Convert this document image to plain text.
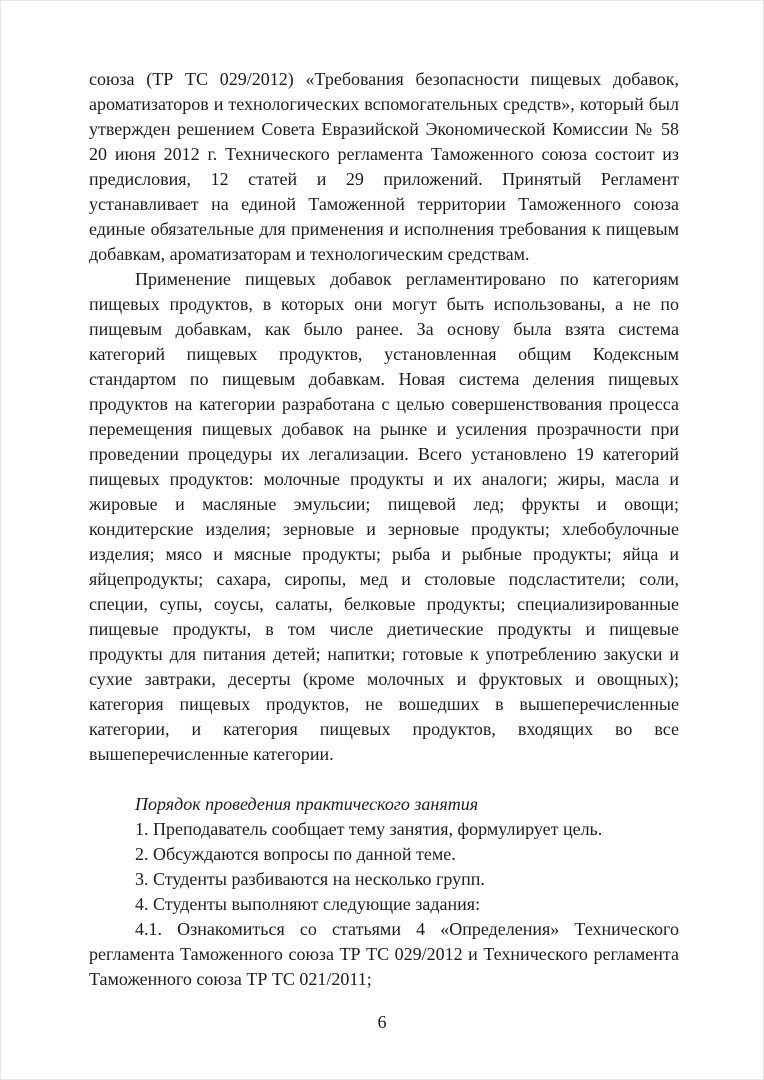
союза (ТР ТС 029/2012) «Требования безопасности пищевых добавок, ароматизаторов и технологических вспомогательных средств», который был утвержден решением Совета Евразийской Экономической Комиссии № 58 20 июня 2012 г. Технического регламента Таможенного союза состоит из предисловия, 12 статей и 29 приложений. Принятый Регламент устанавливает на единой Таможенной территории Таможенного союза единые обязательные для применения и исполнения требования к пищевым добавкам, ароматизаторам и технологическим средствам.

Применение пищевых добавок регламентировано по категориям пищевых продуктов, в которых они могут быть использованы, а не по пищевым добавкам, как было ранее. За основу была взята система категорий пищевых продуктов, установленная общим Кодексным стандартом по пищевым добавкам. Новая система деления пищевых продуктов на категории разработана с целью совершенствования процесса перемещения пищевых добавок на рынке и усиления прозрачности при проведении процедуры их легализации. Всего установлено 19 категорий пищевых продуктов: молочные продукты и их аналоги; жиры, масла и жировые и масляные эмульсии; пищевой лед; фрукты и овощи; кондитерские изделия; зерновые и зерновые продукты; хлебобулочные изделия; мясо и мясные продукты; рыба и рыбные продукты; яйца и яйцепродукты; сахара, сиропы, мед и столовые подсластители; соли, специи, супы, соусы, салаты, белковые продукты; специализированные пищевые продукты, в том числе диетические продукты и пищевые продукты для питания детей; напитки; готовые к употреблению закуски и сухие завтраки, десерты (кроме молочных и фруктовых и овощных); категория пищевых продуктов, не вошедших в вышеперечисленные категории, и категория пищевых продуктов, входящих во все вышеперечисленные категории.

Порядок проведения практического занятия

1. Преподаватель сообщает тему занятия, формулирует цель.

2. Обсуждаются вопросы по данной теме.

3. Студенты разбиваются на несколько групп.

4. Студенты выполняют следующие задания:

4.1. Ознакомиться со статьями 4 «Определения» Технического регламента Таможенного союза ТР ТС 029/2012 и Технического регламента Таможенного союза ТР ТС 021/2011;

6
